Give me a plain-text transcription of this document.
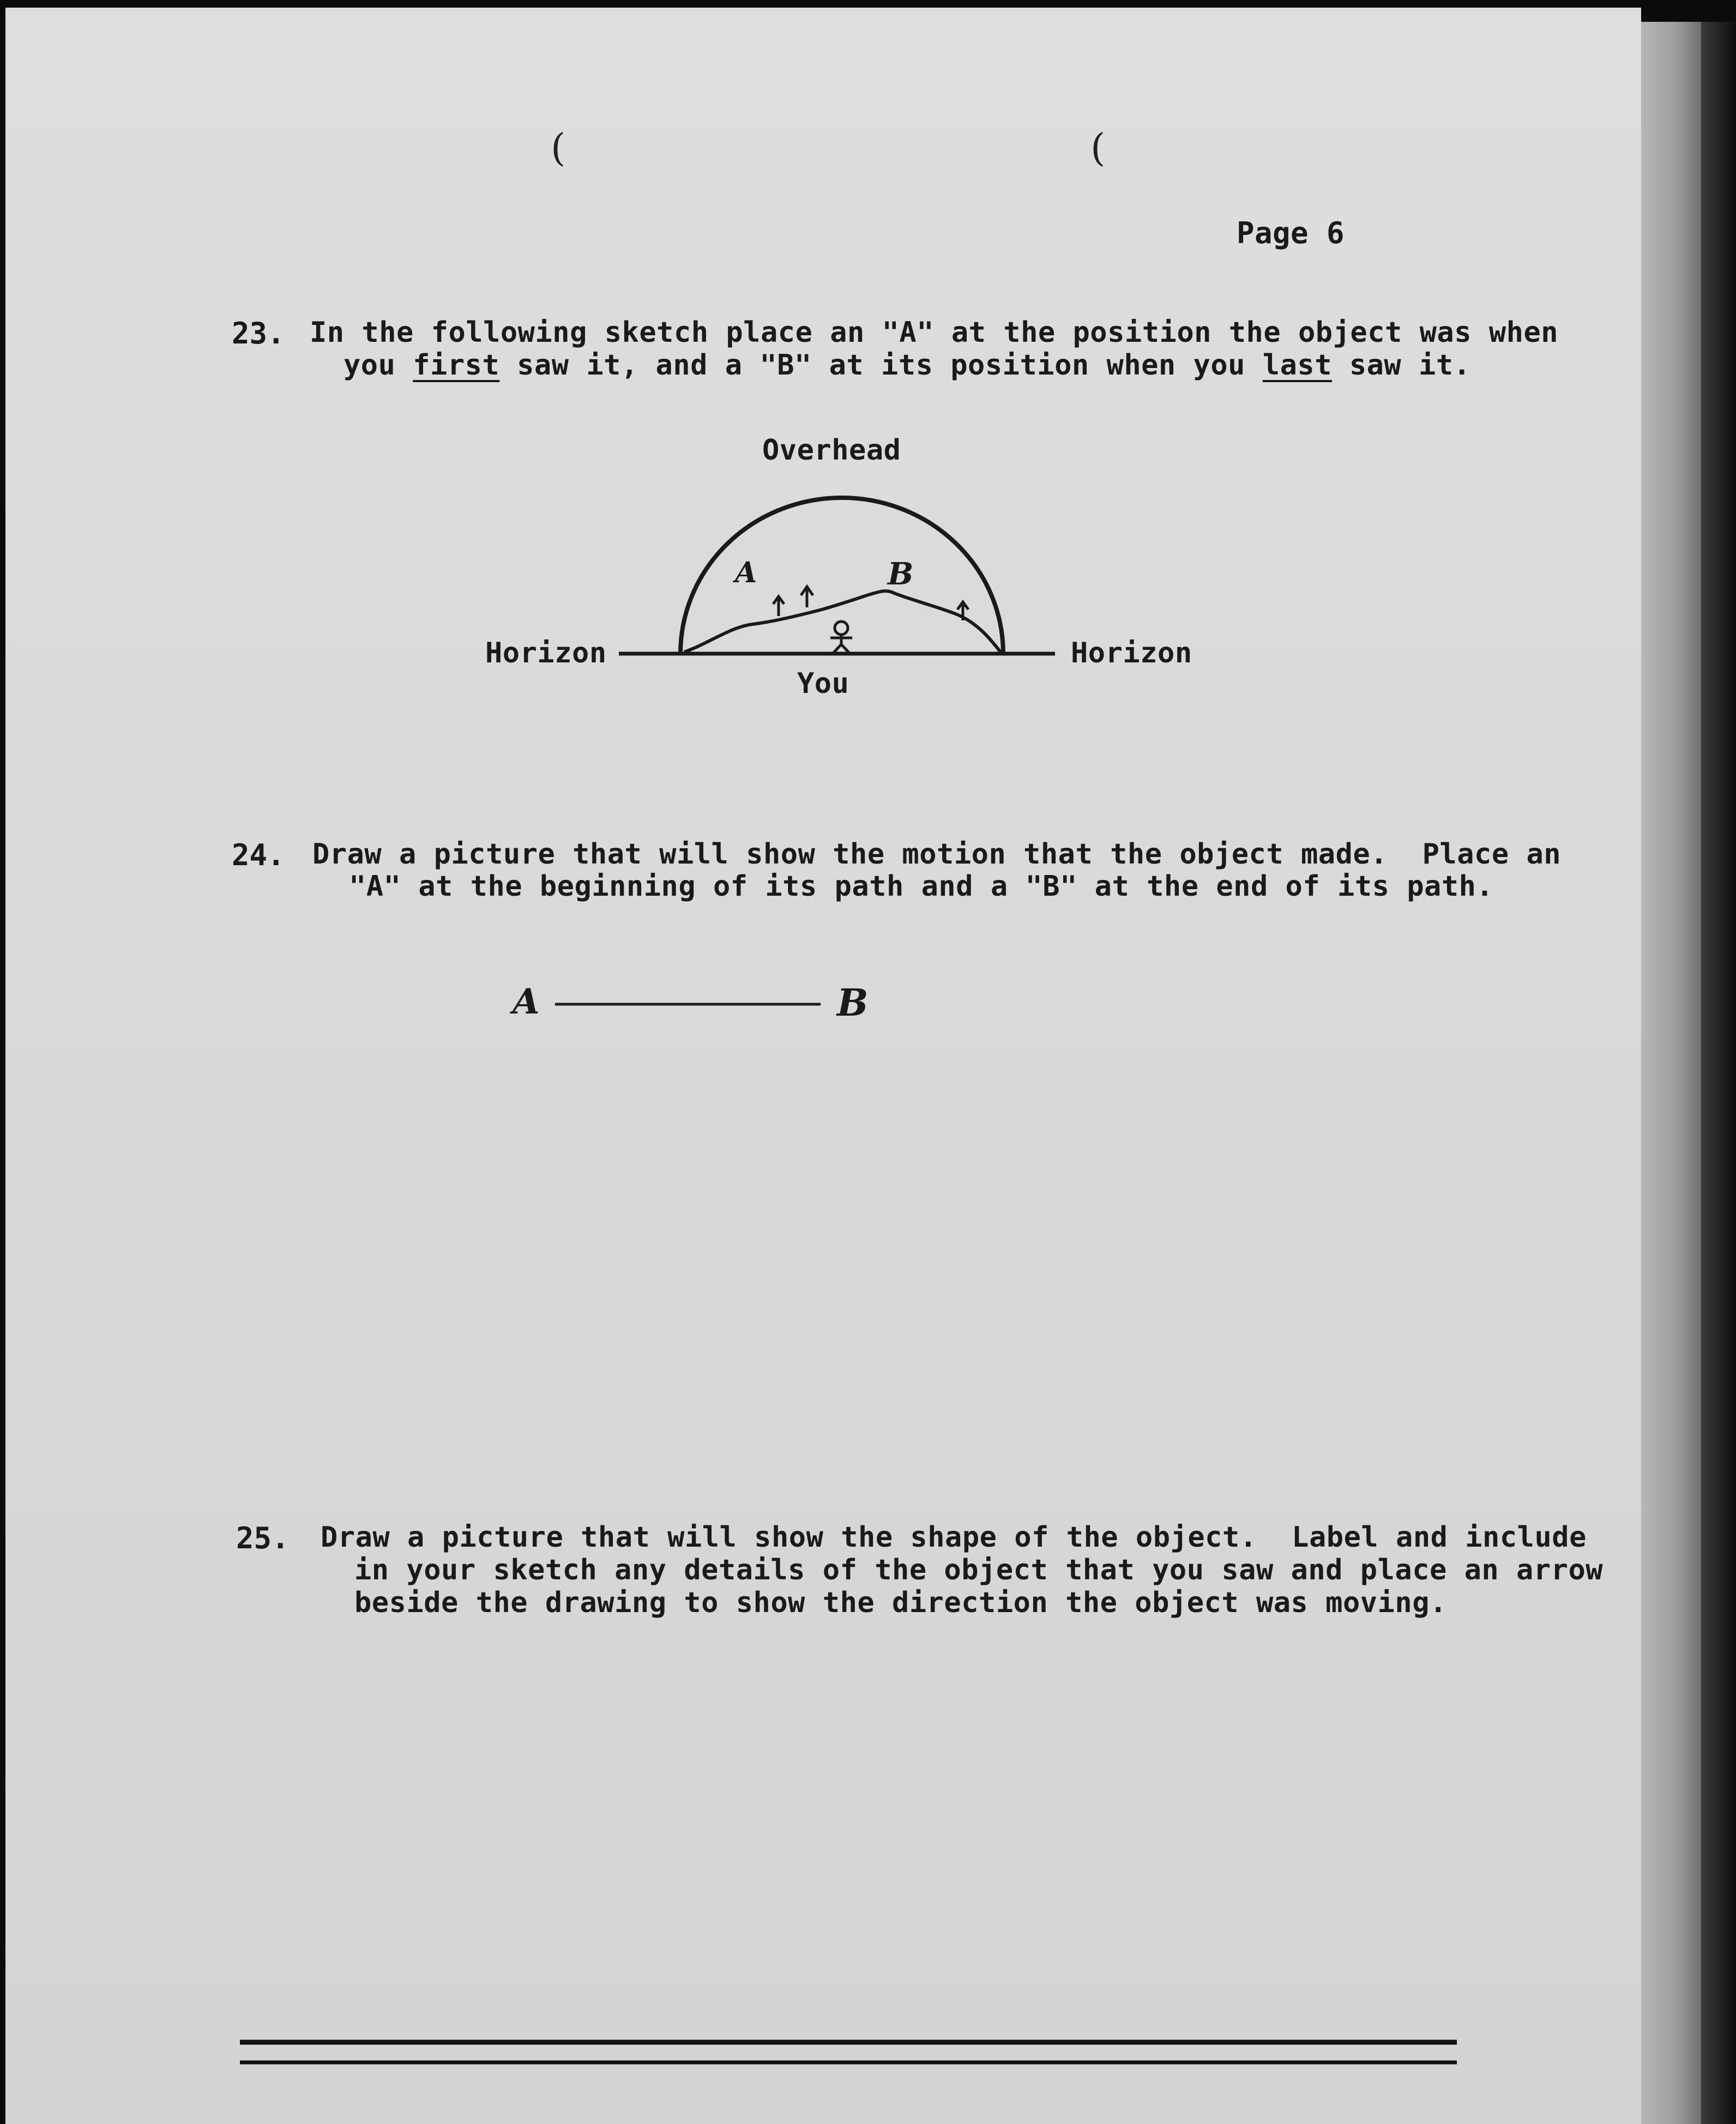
(	(
Page 6
23. In the following sketch place an "A" at the position the object was when
you first saw it, and a "B" at its position when you last saw it.
Overhead
Horizon	Horizon
You
A	B
24. Draw a picture that will show the motion that the object made.  Place an
"A" at the beginning of its path and a "B" at the end of its path.
A	B
25. Draw a picture that will show the shape of the object.  Label and include
in your sketch any details of the object that you saw and place an arrow
beside the drawing to show the direction the object was moving.
